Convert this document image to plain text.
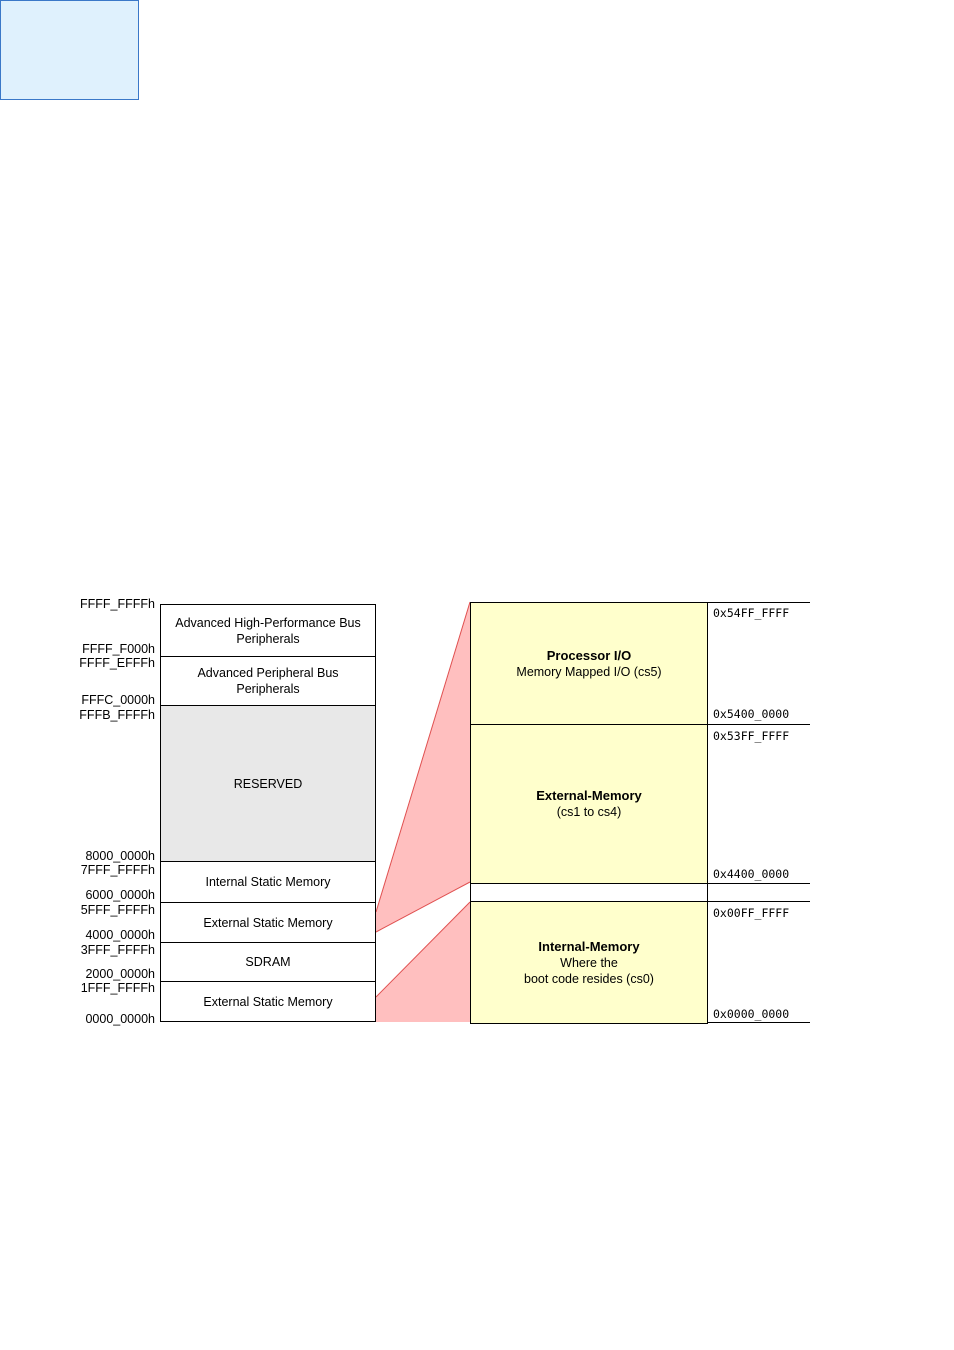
FFFF_FFFFh
FFFF_F000h
FFFF_EFFFh
FFFC_0000h
FFFB_FFFFh
8000_0000h
7FFF_FFFFh
6000_0000h
5FFF_FFFFh
4000_0000h
3FFF_FFFFh
2000_0000h
1FFF_FFFFh
0000_0000h
Advanced High-Performance Bus
Peripherals
Advanced Peripheral Bus
Peripherals
RESERVED
Internal Static Memory
External Static Memory
SDRAM
External Static Memory
Processor I/O
Memory Mapped I/O (cs5)
External-Memory
(cs1 to cs4)
Internal-Memory
Where the
boot code resides (cs0)
0x54FF_FFFF
0x5400_0000
0x53FF_FFFF
0x4400_0000
0x00FF_FFFF
0x0000_0000
